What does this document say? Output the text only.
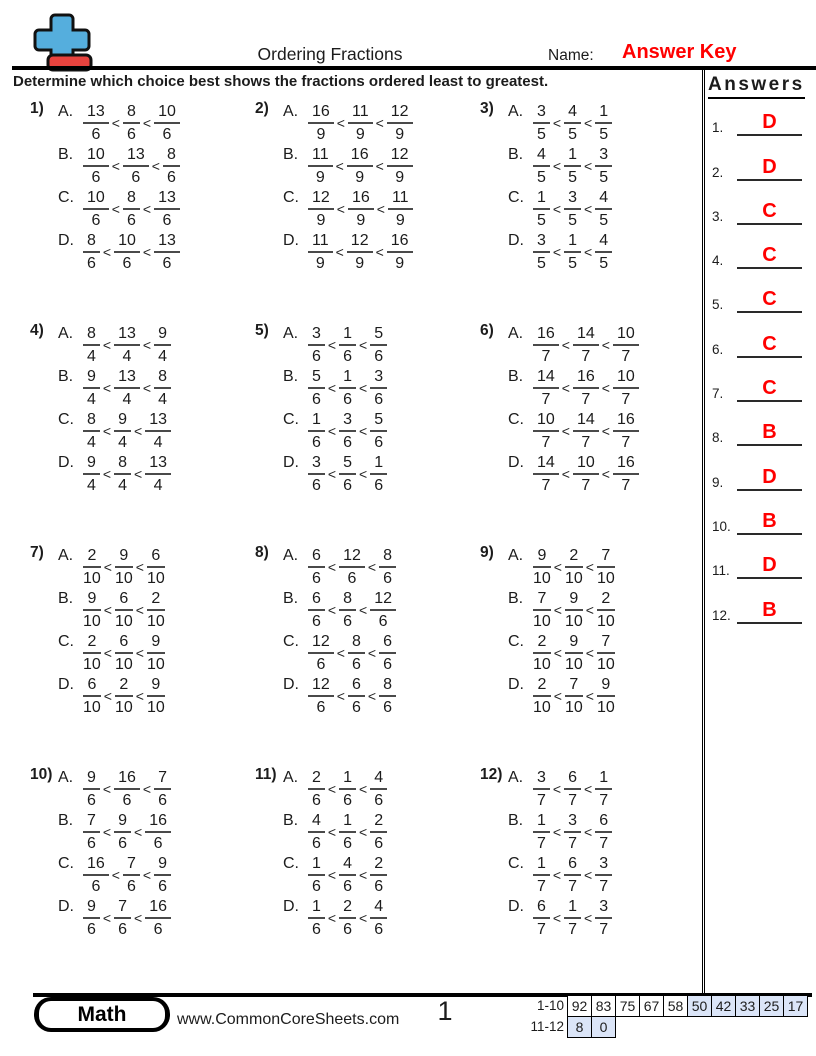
Ordering Fractions	Name: Answer Key
Determine which choice best shows the fractions ordered least to greatest.	Answers
1.	D
2.	D
3.	C
4.	C
5.	C
6.	C
7.	C
8.	B
9.	D
10.	B
11.	D
12.	B
1) A. $\frac{13}{6} < \frac{8}{6} < \frac{10}{6}$
B. $\frac{10}{6} < \frac{13}{6} < \frac{8}{6}$
C. $\frac{10}{6} < \frac{8}{6} < \frac{13}{6}$
D. $\frac{8}{6} < \frac{10}{6} < \frac{13}{6}$
2) A. $\frac{16}{9} < \frac{11}{9} < \frac{12}{9}$
B. $\frac{11}{9} < \frac{16}{9} < \frac{12}{9}$
C. $\frac{12}{9} < \frac{16}{9} < \frac{11}{9}$
D. $\frac{11}{9} < \frac{12}{9} < \frac{16}{9}$
3) A. $\frac{3}{5} < \frac{4}{5} < \frac{1}{5}$
B. $\frac{4}{5} < \frac{1}{5} < \frac{3}{5}$
C. $\frac{1}{5} < \frac{3}{5} < \frac{4}{5}$
D. $\frac{3}{5} < \frac{1}{5} < \frac{4}{5}$
4) A. $\frac{8}{4} < \frac{13}{4} < \frac{9}{4}$
B. $\frac{9}{4} < \frac{13}{4} < \frac{8}{4}$
C. $\frac{8}{4} < \frac{9}{4} < \frac{13}{4}$
D. $\frac{9}{4} < \frac{8}{4} < \frac{13}{4}$
5) A. $\frac{3}{6} < \frac{1}{6} < \frac{5}{6}$
B. $\frac{5}{6} < \frac{1}{6} < \frac{3}{6}$
C. $\frac{1}{6} < \frac{3}{6} < \frac{5}{6}$
D. $\frac{3}{6} < \frac{5}{6} < \frac{1}{6}$
6) A. $\frac{16}{7} < \frac{14}{7} < \frac{10}{7}$
B. $\frac{14}{7} < \frac{16}{7} < \frac{10}{7}$
C. $\frac{10}{7} < \frac{14}{7} < \frac{16}{7}$
D. $\frac{14}{7} < \frac{10}{7} < \frac{16}{7}$
7) A. $\frac{2}{10} < \frac{9}{10} < \frac{6}{10}$
B. $\frac{9}{10} < \frac{6}{10} < \frac{2}{10}$
C. $\frac{2}{10} < \frac{6}{10} < \frac{9}{10}$
D. $\frac{6}{10} < \frac{2}{10} < \frac{9}{10}$
8) A. $\frac{6}{6} < \frac{12}{6} < \frac{8}{6}$
B. $\frac{6}{6} < \frac{8}{6} < \frac{12}{6}$
C. $\frac{12}{6} < \frac{8}{6} < \frac{6}{6}$
D. $\frac{12}{6} < \frac{6}{6} < \frac{8}{6}$
9) A. $\frac{9}{10} < \frac{2}{10} < \frac{7}{10}$
B. $\frac{7}{10} < \frac{9}{10} < \frac{2}{10}$
C. $\frac{2}{10} < \frac{9}{10} < \frac{7}{10}$
D. $\frac{2}{10} < \frac{7}{10} < \frac{9}{10}$
10) A. $\frac{9}{6} < \frac{16}{6} < \frac{7}{6}$
B. $\frac{7}{6} < \frac{9}{6} < \frac{16}{6}$
C. $\frac{16}{6} < \frac{7}{6} < \frac{9}{6}$
D. $\frac{9}{6} < \frac{7}{6} < \frac{16}{6}$
11) A. $\frac{2}{6} < \frac{1}{6} < \frac{4}{6}$
B. $\frac{4}{6} < \frac{1}{6} < \frac{2}{6}$
C. $\frac{1}{6} < \frac{4}{6} < \frac{2}{6}$
D. $\frac{1}{6} < \frac{2}{6} < \frac{4}{6}$
12) A. $\frac{3}{7} < \frac{6}{7} < \frac{1}{7}$
B. $\frac{1}{7} < \frac{3}{7} < \frac{6}{7}$
C. $\frac{1}{7} < \frac{6}{7} < \frac{3}{7}$
D. $\frac{6}{7} < \frac{1}{7} < \frac{3}{7}$
Math	www.CommonCoreSheets.com	1	1-10 92 83 75 67 58 50 42 33 25 17
11-12 8	0
